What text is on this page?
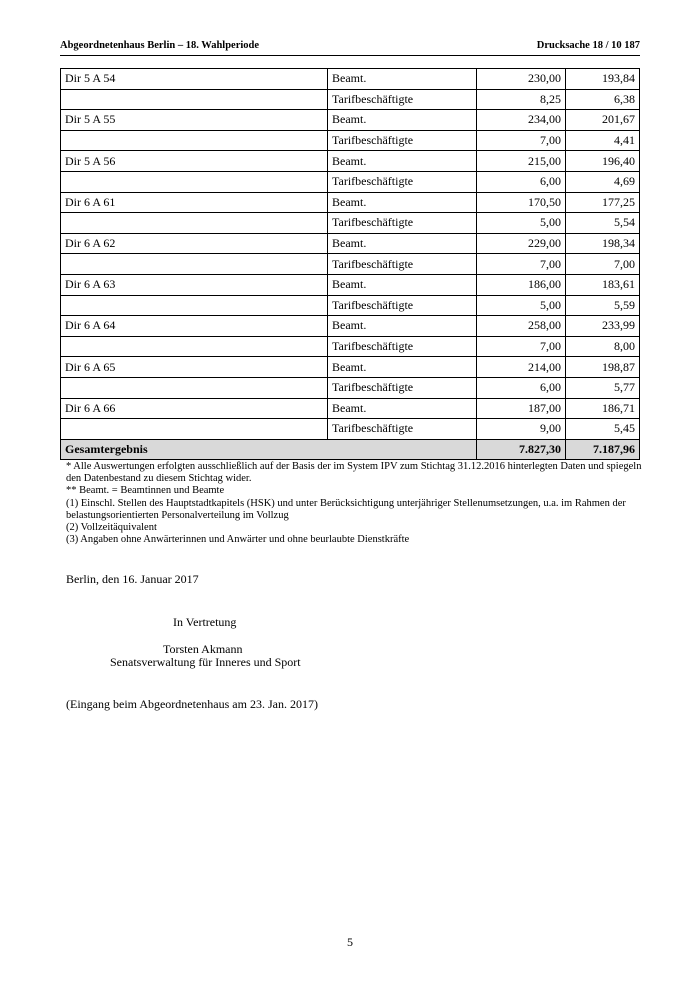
Abgeordnetenhaus Berlin – 18. Wahlperiode	Drucksache 18 / 10 187
Dir 5 A 54	Beamt.	230,00	193,84
	Tarifbeschäftigte	8,25	6,38
Dir 5 A 55	Beamt.	234,00	201,67
	Tarifbeschäftigte	7,00	4,41
Dir 5 A 56	Beamt.	215,00	196,40
	Tarifbeschäftigte	6,00	4,69
Dir 6 A 61	Beamt.	170,50	177,25
	Tarifbeschäftigte	5,00	5,54
Dir 6 A 62	Beamt.	229,00	198,34
	Tarifbeschäftigte	7,00	7,00
Dir 6 A 63	Beamt.	186,00	183,61
	Tarifbeschäftigte	5,00	5,59
Dir 6 A 64	Beamt.	258,00	233,99
	Tarifbeschäftigte	7,00	8,00
Dir 6 A 65	Beamt.	214,00	198,87
	Tarifbeschäftigte	6,00	5,77
Dir 6 A 66	Beamt.	187,00	186,71
	Tarifbeschäftigte	9,00	5,45
Gesamtergebnis		7.827,30	7.187,96
* Alle Auswertungen erfolgten ausschließlich auf der Basis der im System IPV zum Stichtag 31.12.2016 hinterlegten Daten und spiegeln den Datenbestand zu diesem Stichtag wider.
** Beamt. = Beamtinnen und Beamte
(1) Einschl. Stellen des Hauptstadtkapitels (HSK) und unter Berücksichtigung unterjähriger Stellenumsetzungen, u.a. im Rahmen der belastungsorientierten Personalverteilung im Vollzug
(2) Vollzeitäquivalent
(3) Angaben ohne Anwärterinnen und Anwärter und ohne beurlaubte Dienstkräfte
Berlin, den 16. Januar 2017
In Vertretung
Torsten Akmann
Senatsverwaltung für Inneres und Sport
(Eingang beim Abgeordnetenhaus am 23. Jan. 2017)
5
